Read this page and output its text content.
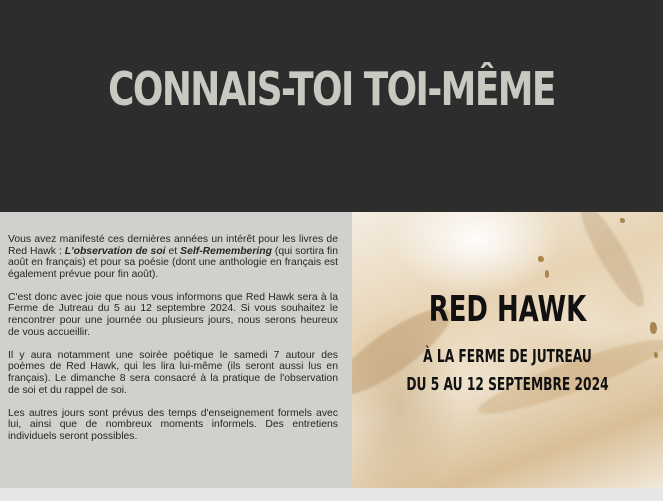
CONNAIS-TOI TOI-MÊME

Vous avez manifesté ces dernières années un intérêt pour les livres de Red Hawk : L'observation de soi et Self-Remembering (qui sortira fin août en français) et pour sa poésie (dont une anthologie en français est également prévue pour fin août).

C'est donc avec joie que nous vous informons que Red Hawk sera à la Ferme de Jutreau du 5 au 12 septembre 2024. Si vous souhaitez le rencontrer pour une journée ou plusieurs jours, nous serons heureux de vous accueillir.

Il y aura notamment une soirée poétique le samedi 7 autour des poèmes de Red Hawk, qui les lira lui-même (ils seront aussi lus en français). Le dimanche 8 sera consacré à la pratique de l'observation de soi et du rappel de soi.

Les autres jours sont prévus des temps d'enseignement formels avec lui, ainsi que de nombreux moments informels. Des entretiens individuels seront possibles.

RED HAWK

À LA FERME DE JUTREAU

DU 5 AU 12 SEPTEMBRE 2024
